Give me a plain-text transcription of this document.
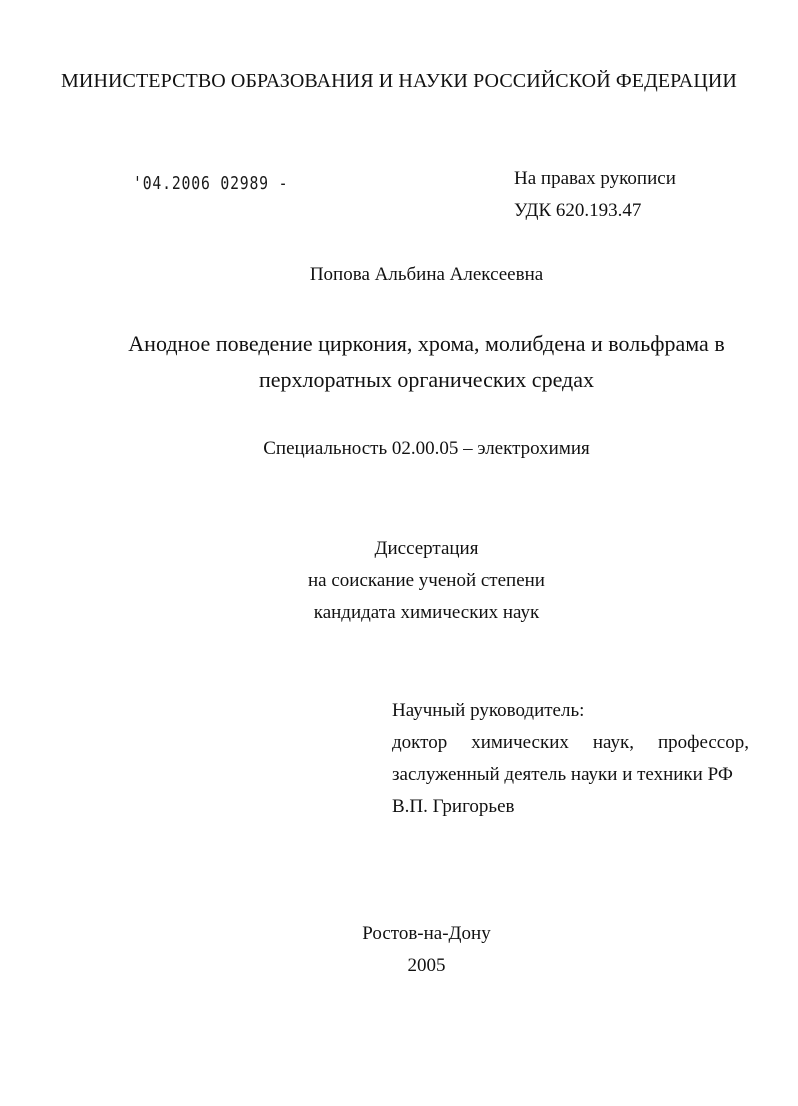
МИНИСТЕРСТВО ОБРАЗОВАНИЯ И НАУКИ РОССИЙСКОЙ ФЕДЕРАЦИИ
'04.2006 02989 -	На правах рукописи
УДК 620.193.47
Попова Альбина Алексеевна
Анодное поведение циркония, хрома, молибдена и вольфрама в
перхлоратных органических средах
Специальность 02.00.05 – электрохимия
Диссертация
на соискание ученой степени
кандидата химических наук
Научный руководитель:
доктор химических наук, профессор,
заслуженный деятель науки и техники РФ
В.П. Григорьев
Ростов-на-Дону
2005
